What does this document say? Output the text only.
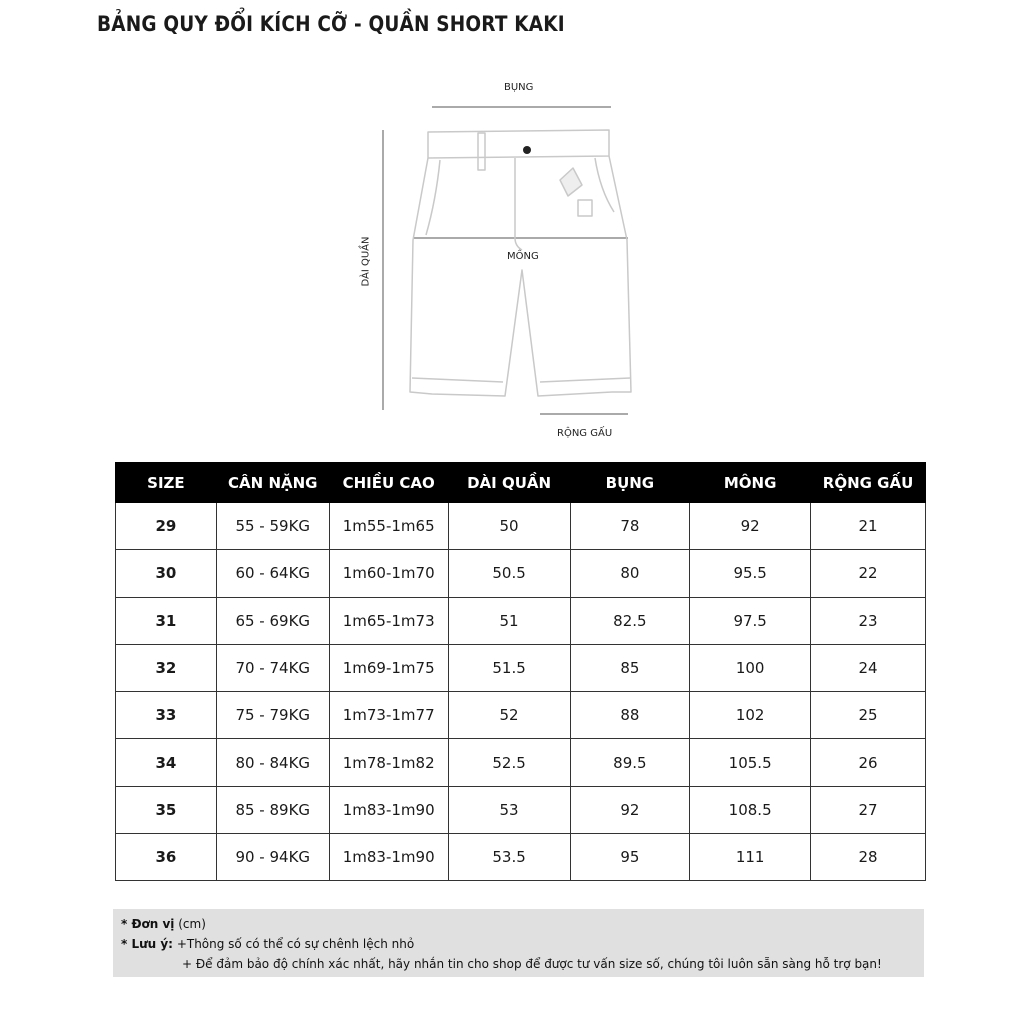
BẢNG QUY ĐỔI KÍCH CỠ - QUẦN SHORT KAKI
BỤNG
MÔNG
RỘNG GẤU
DÀI QUẦN
SIZE	CÂN NẶNG	CHIỀU CAO	DÀI QUẦN	BỤNG	MÔNG	RỘNG GẤU
29	55 - 59KG	1m55-1m65	50	78	92	21
30	60 - 64KG	1m60-1m70	50.5	80	95.5	22
31	65 - 69KG	1m65-1m73	51	82.5	97.5	23
32	70 - 74KG	1m69-1m75	51.5	85	100	24
33	75 - 79KG	1m73-1m77	52	88	102	25
34	80 - 84KG	1m78-1m82	52.5	89.5	105.5	26
35	85 - 89KG	1m83-1m90	53	92	108.5	27
36	90 - 94KG	1m83-1m90	53.5	95	111	28
* Đơn vị (cm)
* Lưu ý: +Thông số có thể có sự chênh lệch nhỏ
+ Để đảm bảo độ chính xác nhất, hãy nhắn tin cho shop để được tư vấn size số, chúng tôi luôn sẵn sàng hỗ trợ bạn!
